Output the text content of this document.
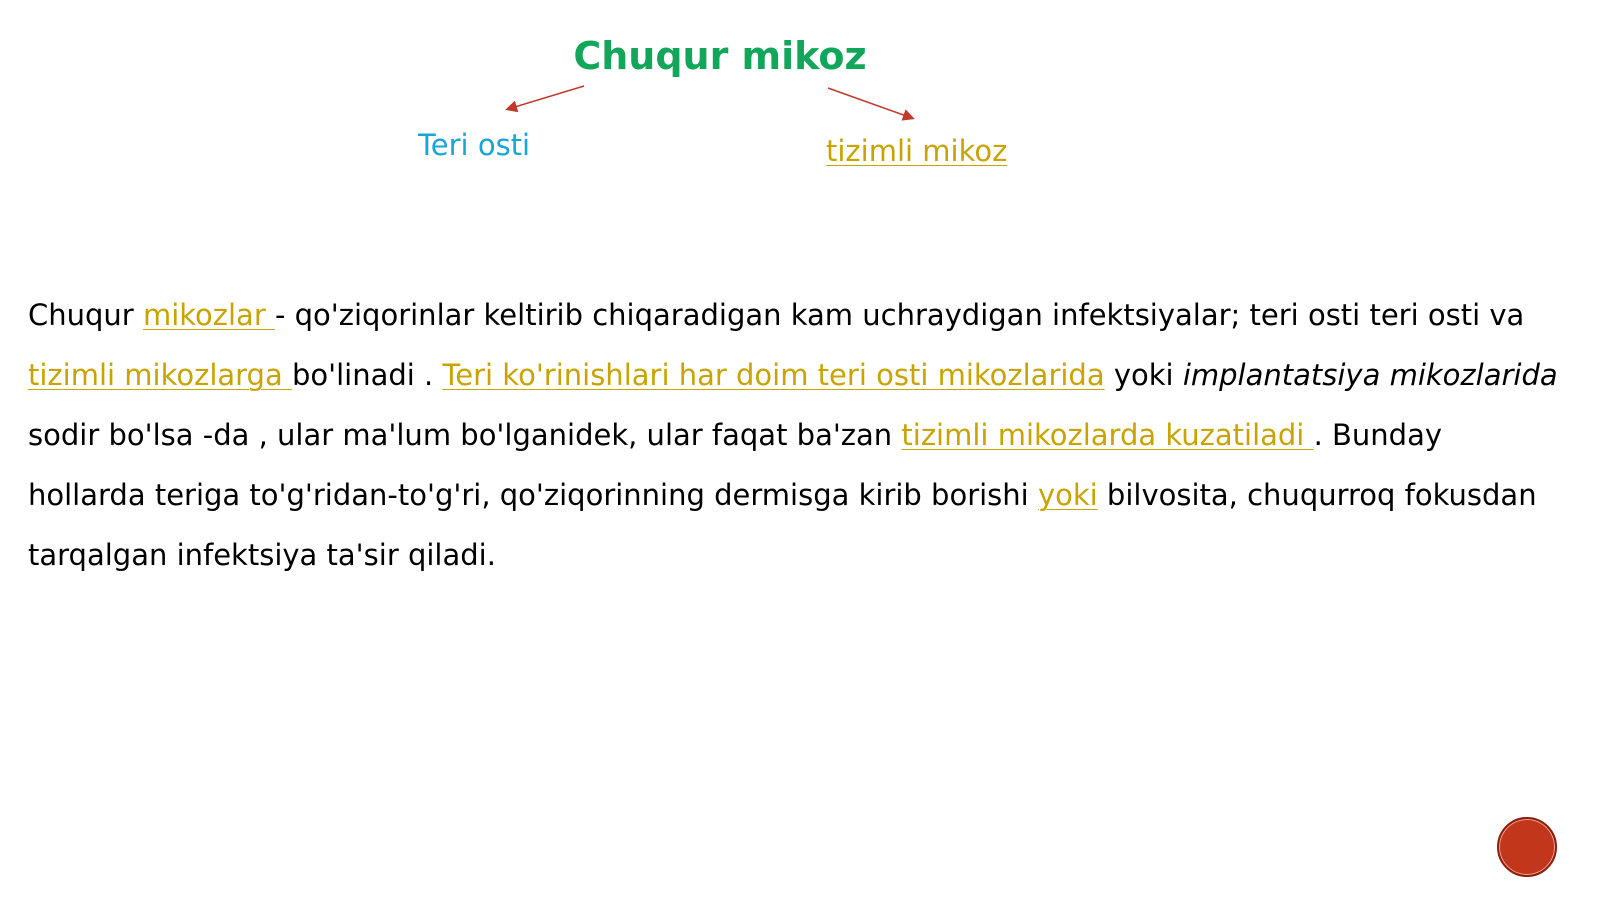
Chuqur mikoz
Teri osti	tizimli mikoz
Chuqur mikozlar - qo'ziqorinlar keltirib chiqaradigan kam uchraydigan infektsiyalar; teri osti teri osti va tizimli mikozlarga bo'linadi . Teri ko'rinishlari har doim teri osti mikozlarida yoki implantatsiya mikozlarida sodir bo'lsa -da , ular ma'lum bo'lganidek, ular faqat ba'zan tizimli mikozlarda kuzatiladi . Bunday hollarda teriga to'g'ridan-to'g'ri, qo'ziqorinning dermisga kirib borishi yoki bilvosita, chuqurroq fokusdan tarqalgan infektsiya ta'sir qiladi.
